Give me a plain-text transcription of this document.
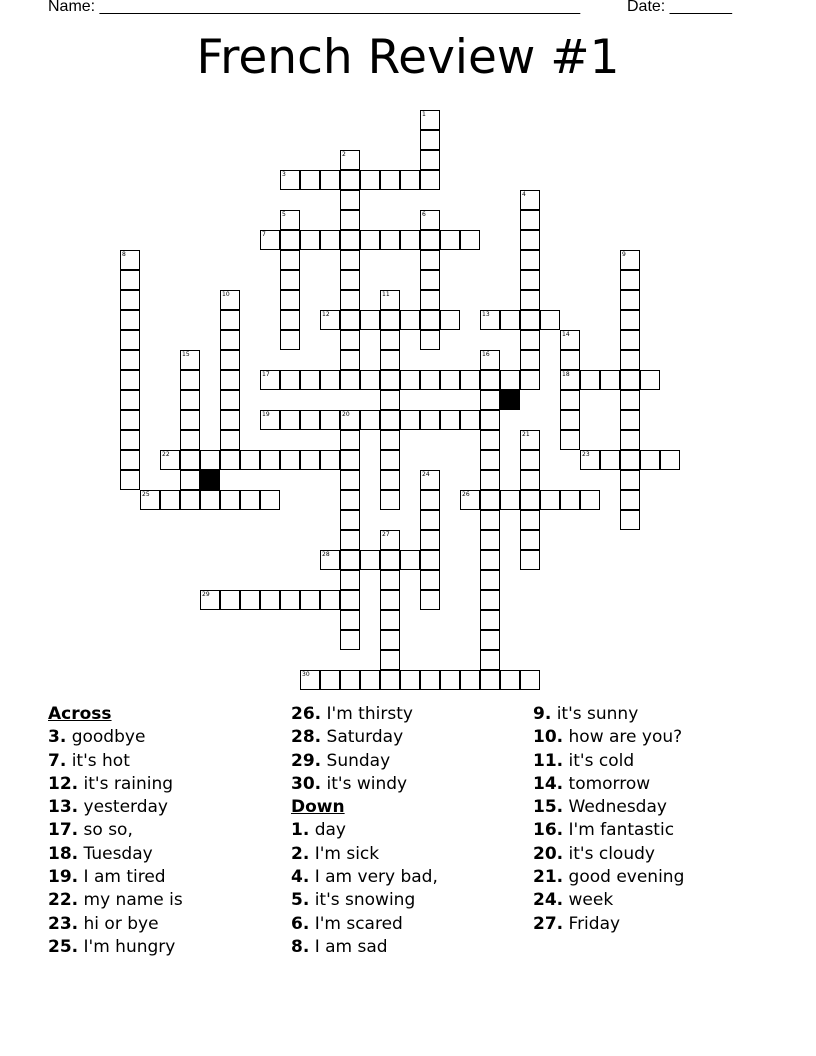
Name: ______________________________________________________	Date: _______
French Review #1
3
7
12	13
17	18
19	20
22	23
25	26
28
29
30
1
2
4
5	6
8	9
10	11
14
15	16
21
24
27
Across
3. goodbye
7. it's hot
12. it's raining
13. yesterday
17. so so,
18. Tuesday
19. I am tired
22. my name is
23. hi or bye
25. I'm hungry
26. I'm thirsty
28. Saturday
29. Sunday
30. it's windy
Down
1. day
2. I'm sick
4. I am very bad,
5. it's snowing
6. I'm scared
8. I am sad
9. it's sunny
10. how are you?
11. it's cold
14. tomorrow
15. Wednesday
16. I'm fantastic
20. it's cloudy
21. good evening
24. week
27. Friday
